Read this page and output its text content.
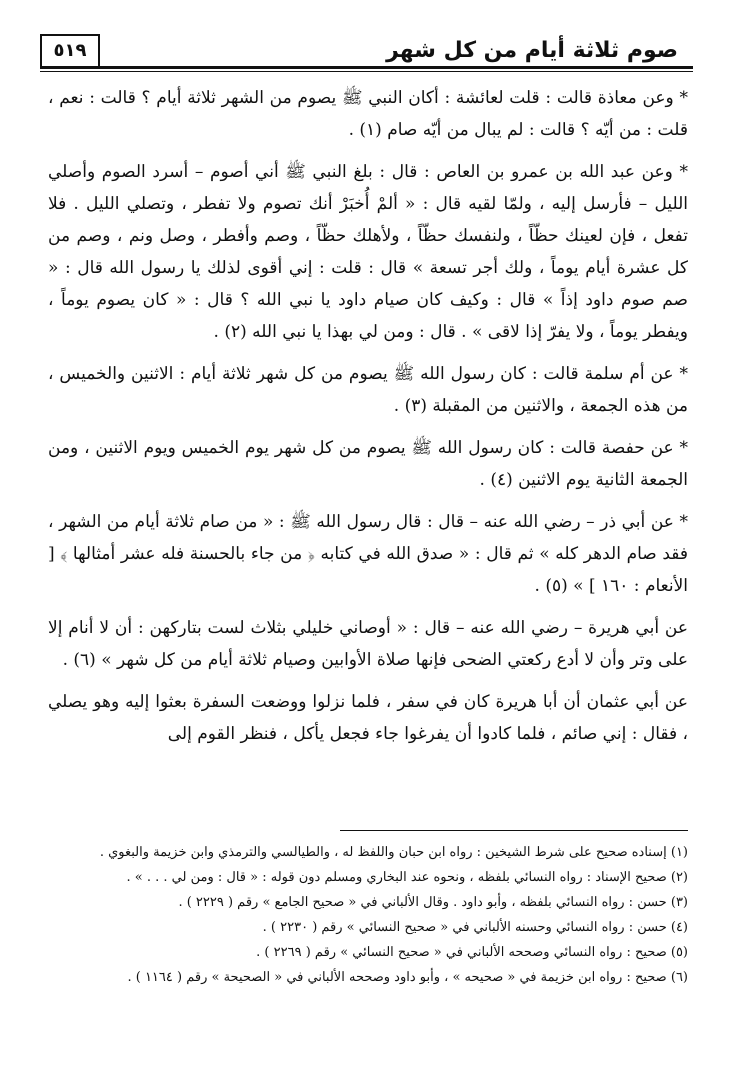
٥١٩	صوم ثلاثة أيام من كل شهر

* وعن معاذة قالت : قلت لعائشة : أكان النبي ﷺ يصوم من الشهر ثلاثة أيام ؟ قالت : نعم ، قلت : من أيّه ؟ قالت : لم يبال من أيّه صام (١) .

* وعن عبد الله بن عمرو بن العاص : قال : بلغ النبي ﷺ أني أصوم – أسرد الصوم وأصلي الليل – فأرسل إليه ، ولمّا لقيه قال : « ألمْ أُخبَرْ أنك تصوم ولا تفطر ، وتصلي الليل . فلا تفعل ، فإن لعينك حظّاً ، ولنفسك حظّاً ، ولأهلك حظّاً ، وصم وأفطر ، وصل ونم ، وصم من كل عشرة أيام يوماً ، ولك أجر تسعة » قال : قلت : إني أقوى لذلك يا رسول الله قال : « صم صوم داود إذاً » قال : وكيف كان صيام داود يا نبي الله ؟ قال : « كان يصوم يوماً ، ويفطر يوماً ، ولا يفرّ إذا لاقى » . قال : ومن لي بهذا يا نبي الله (٢) .

* عن أم سلمة قالت : كان رسول الله ﷺ يصوم من كل شهر ثلاثة أيام : الاثنين والخميس ، من هذه الجمعة ، والاثنين من المقبلة (٣) .

* عن حفصة قالت : كان رسول الله ﷺ يصوم من كل شهر يوم الخميس ويوم الاثنين ، ومن الجمعة الثانية يوم الاثنين (٤) .

* عن أبي ذر – رضي الله عنه – قال : قال رسول الله ﷺ : « من صام ثلاثة أيام من الشهر ، فقد صام الدهر كله » ثم قال : « صدق الله في كتابه ﴿ من جاء بالحسنة فله عشر أمثالها ﴾ [ الأنعام : ١٦٠ ] » (٥) .

عن أبي هريرة – رضي الله عنه – قال : « أوصاني خليلي بثلاث لست بتاركهن : أن لا أنام إلا على وتر وأن لا أدع ركعتي الضحى فإنها صلاة الأوابين وصيام ثلاثة أيام من كل شهر » (٦) .

عن أبي عثمان أن أبا هريرة كان في سفر ، فلما نزلوا ووضعت السفرة بعثوا إليه وهو يصلي ، فقال : إني صائم ، فلما كادوا أن يفرغوا جاء فجعل يأكل ، فنظر القوم إلى

(١) إسناده صحيح على شرط الشيخين : رواه ابن حبان واللفظ له ، والطيالسي والترمذي وابن خزيمة والبغوي .
(٢) صحيح الإسناد : رواه النسائي بلفظه ، ونحوه عند البخاري ومسلم دون قوله : « قال : ومن لي . . . » .
(٣) حسن : رواه النسائي بلفظه ، وأبو داود . وقال الألباني في « صحيح الجامع » رقم ( ٢٢٢٩ ) .
(٤) حسن : رواه النسائي وحسنه الألباني في « صحيح النسائي » رقم ( ٢٢٣٠ ) .
(٥) صحيح : رواه النسائي وصححه الألباني في « صحيح النسائي » رقم ( ٢٢٦٩ ) .
(٦) صحيح : رواه ابن خزيمة في « صحيحه » ، وأبو داود وصححه الألباني في « الصحيحة » رقم ( ١١٦٤ ) .
